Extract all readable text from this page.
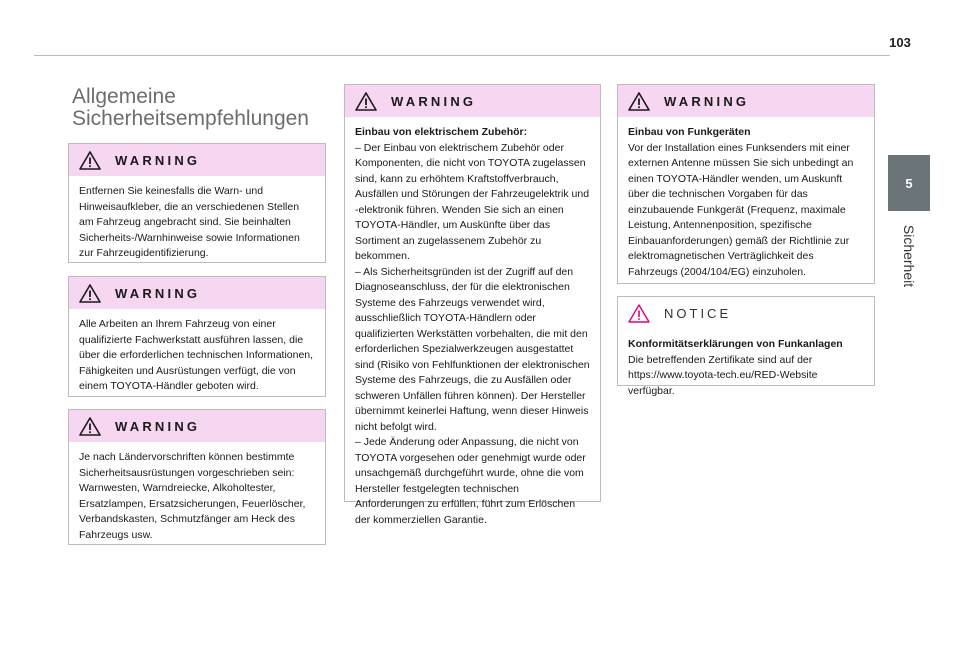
103
5
Sicherheit
Allgemeine
Sicherheitsempfehlungen
WARNING

Entfernen Sie keinesfalls die Warn- und Hinweisaufkleber, die an verschiedenen Stellen am Fahrzeug angebracht sind. Sie beinhalten Sicherheits-/Warnhinweise sowie Informationen zur Fahrzeugidentifizierung.

WARNING

Alle Arbeiten an Ihrem Fahrzeug von einer qualifizierte Fachwerkstatt ausführen lassen, die über die erforderlichen technischen Informationen, Fähigkeiten und Ausrüstungen verfügt, die von einem TOYOTA-Händler geboten wird.

WARNING

Je nach Ländervorschriften können bestimmte Sicherheitsausrüstungen vorgeschrieben sein: Warnwesten, Warndreiecke, Alkoholtester, Ersatzlampen, Ersatzsicherungen, Feuerlöscher, Verbandskasten, Schmutzfänger am Heck des Fahrzeugs usw.

WARNING

Einbau von elektrischem Zubehör:

– Der Einbau von elektrischem Zubehör oder Komponenten, die nicht von TOYOTA zugelassen sind, kann zu erhöhtem Kraftstoffverbrauch, Ausfällen und Störungen der Fahrzeugelektrik und -elektronik führen. Wenden Sie sich an einen TOYOTA-Händler, um Auskünfte über das Sortiment an zugelassenem Zubehör zu bekommen.

– Als Sicherheitsgründen ist der Zugriff auf den Diagnoseanschluss, der für die elektronischen Systeme des Fahrzeugs verwendet wird, ausschließlich TOYOTA-Händlern oder qualifizierten Werkstätten vorbehalten, die mit den erforderlichen Spezialwerkzeugen ausgestattet sind (Risiko von Fehlfunktionen der elektronischen Systeme des Fahrzeugs, die zu Ausfällen oder schweren Unfällen führen können). Der Hersteller übernimmt keinerlei Haftung, wenn dieser Hinweis nicht befolgt wird.

– Jede Änderung oder Anpassung, die nicht von TOYOTA vorgesehen oder genehmigt wurde oder unsachgemäß durchgeführt wurde, ohne die vom Hersteller festgelegten technischen Anforderungen zu erfüllen, führt zum Erlöschen der kommerziellen Garantie.

WARNING

Einbau von Funkgeräten

Vor der Installation eines Funksenders mit einer externen Antenne müssen Sie sich unbedingt an einen TOYOTA-Händler wenden, um Auskunft über die technischen Vorgaben für das einzubauende Funkgerät (Frequenz, maximale Leistung, Antennenposition, spezifische Einbauanforderungen) gemäß der Richtlinie zur elektromagnetischen Verträglichkeit des Fahrzeugs (2004/104/EG) einzuholen.

NOTICE

Konformitätserklärungen von Funkanlagen

Die betreffenden Zertifikate sind auf der https://www.toyota-tech.eu/RED-Website verfügbar.
